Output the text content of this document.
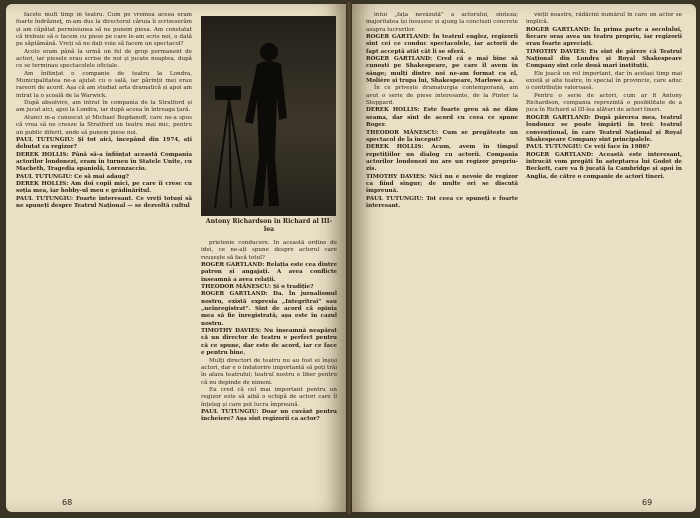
facete mult timp în teatru. Cum pe vremea aceea eram foarte îndrăzneţ, m-am dus la directorul căruia îi scriseserăm și am căpătat permisiunea să ne punem piesa. Am constatat că trebuie să o facem cu piese pe care le-am scris noi, o dată pe săptămână. Vreți să ne dați voie să facem un spectacol?

Acolo eram până la urmă un fel de grup permanent de actori, iar piesele erau scrise de noi și jucate noaptea, după ce se terminau spectacolele oficiale.

Am înființat o companie de teatru la Londra, Municipalitatea ne-a ajutat cu o sală, iar părinții mei erau rareori de acord. Așa că am studiat arta dramatică și apoi am intrat la o școală de la Warwick.

După absolvire, am intrat în compania de la Stratford și am jucat aici, apoi la Londra, iar după aceea în întreaga țară.

Atunci m-a cunoscut și Michael Bogdanoff, care ne-a spus că vrea să ne creeze la Stratford un teatru mai mic, pentru un public diferit, unde să punem piese noi.

PAUL TUTUNGIU: Și tot aici, începând din 1974, ați debutat ca regizor?

DEREK HOLLIS: Până să-a înființat această Compania actorilor londonezi, eram în turneu în Statele Unite, cu Macbeth, Tragedia spaniolă, Lorenzaccio.

PAUL TUTUNGIU: Ce să mai adaug?

DEREK HOLLIS: Am doi copii mici, pe care îi cresc cu soția mea, iar hobby-ul meu e grădinăritul.

PAUL TUTUNGIU: Foarte interesant. Ce vreți totuși să ne spuneți despre Teatrul Național — se dezvoltă cultul

Antony Richardson in Richard al III-lea

prietenie conducere. În această ordine de idei, ce ne-ați spune despre actorul care reușește să facă totul?

ROGER GARTLAND: Relația este cea dintre patron și angajați. A avea conflicte înseamnă a avea relații.

THEODOR MĂNESCU: Și o tradiție?

ROGER GARTLAND: Da. În jurnalismul nostru, există expresia „Integritrai” sau „neînregistrat”. Sînt de acord că opinia mea să fie înregistrată; așa este în cazul nostru.

TIMOTHY DAVIES: Nu înseamnă neapărat că un director de teatru e perfect pentru că ce spune, dar este de acord, iar ce face e pentru bine.

Mulți directori de teatru nu au fost ei înșiși actori, dar e o îndatorire importantă să poți trăi în afara teatrului; teatrul nostru e liber pentru că nu depinde de nimeni.

Eu cred că cel mai important pentru un regizor este să aibă o echipă de actori care îl înțeleg și care pot lucra împreună.

PAUL TUTUNGIU: Doar un cuvânt pentru încheiere? Așa sînt regizorii ca actor?

68

intui „fața nevăzută” a actorului, sinteza; majoritatea își însușesc și ajung la concluzii concrete asupra lucrurilor.

ROGER GARTLAND: În teatrul englez, regizorii sînt cei ce conduc spectacolele, iar actorii de fapt acceptă atât cât li se oferă.

ROGER GARTLAND: Cred că e mai bine să cunoști pe Shakespeare, pe care îl avem în sânge; mulți dintre noi ne-am format cu el, Molière și trupa lui, Shakespeare, Marlowe ș.a.

În ce privește dramaturgia contemporană, am avut o serie de piese interesante, de la Pinter la Stoppard.

DEREK HOLLIS: Este foarte greu să ne dăm seama, dar sînt de acord cu ceea ce spune Roger.

THEODOR MĂNESCU: Cum se pregătește un spectacol de la început?

DEREK HOLLIS: Acum, avem în timpul repetițiilor un dialog cu actorii. Compania actorilor londonezi nu are un regizor propriu-zis.

TIMOTHY DAVIES: Nici nu e nevoie de regizor ca fiind singur; de multe ori se discută împreună.

PAUL TUTUNGIU: Tot ceea ce spuneți e foarte interesant.

vieții noastre, rădăcini numărul în care un actor se implică.

ROGER GARTLAND: În prima parte a secolului, fiecare oraș avea un teatru propriu, iar regizorii erau foarte apreciați.

TIMOTHY DAVIES: Eu sînt de părere că Teatrul Național din Londra și Royal Shakespeare Company sînt cele două mari instituții.

Ele joacă un rol important, dar în același timp mai există și alte teatre, în special în provincie, care aduc o contribuție valoroasă.

Pentru o serie de actori, cum ar fi Antony Richardson, compania reprezintă o posibilitate de a juca în Richard al III-lea alături de actori tineri.

ROGER GARTLAND: După părerea mea, teatrul londonez se poate împărți în trei: teatrul convențional, în care Teatrul Național și Royal Shakespeare Company sînt principalele.

PAUL TUTUNGIU: Ce veți face în 1986?

ROGER GARTLAND: Această este interesant, întrucât vom pregăti În așteptarea lui Godot de Beckett, care va fi jucată la Cambridge și apoi în Anglia, de către o companie de actori tineri.

69
